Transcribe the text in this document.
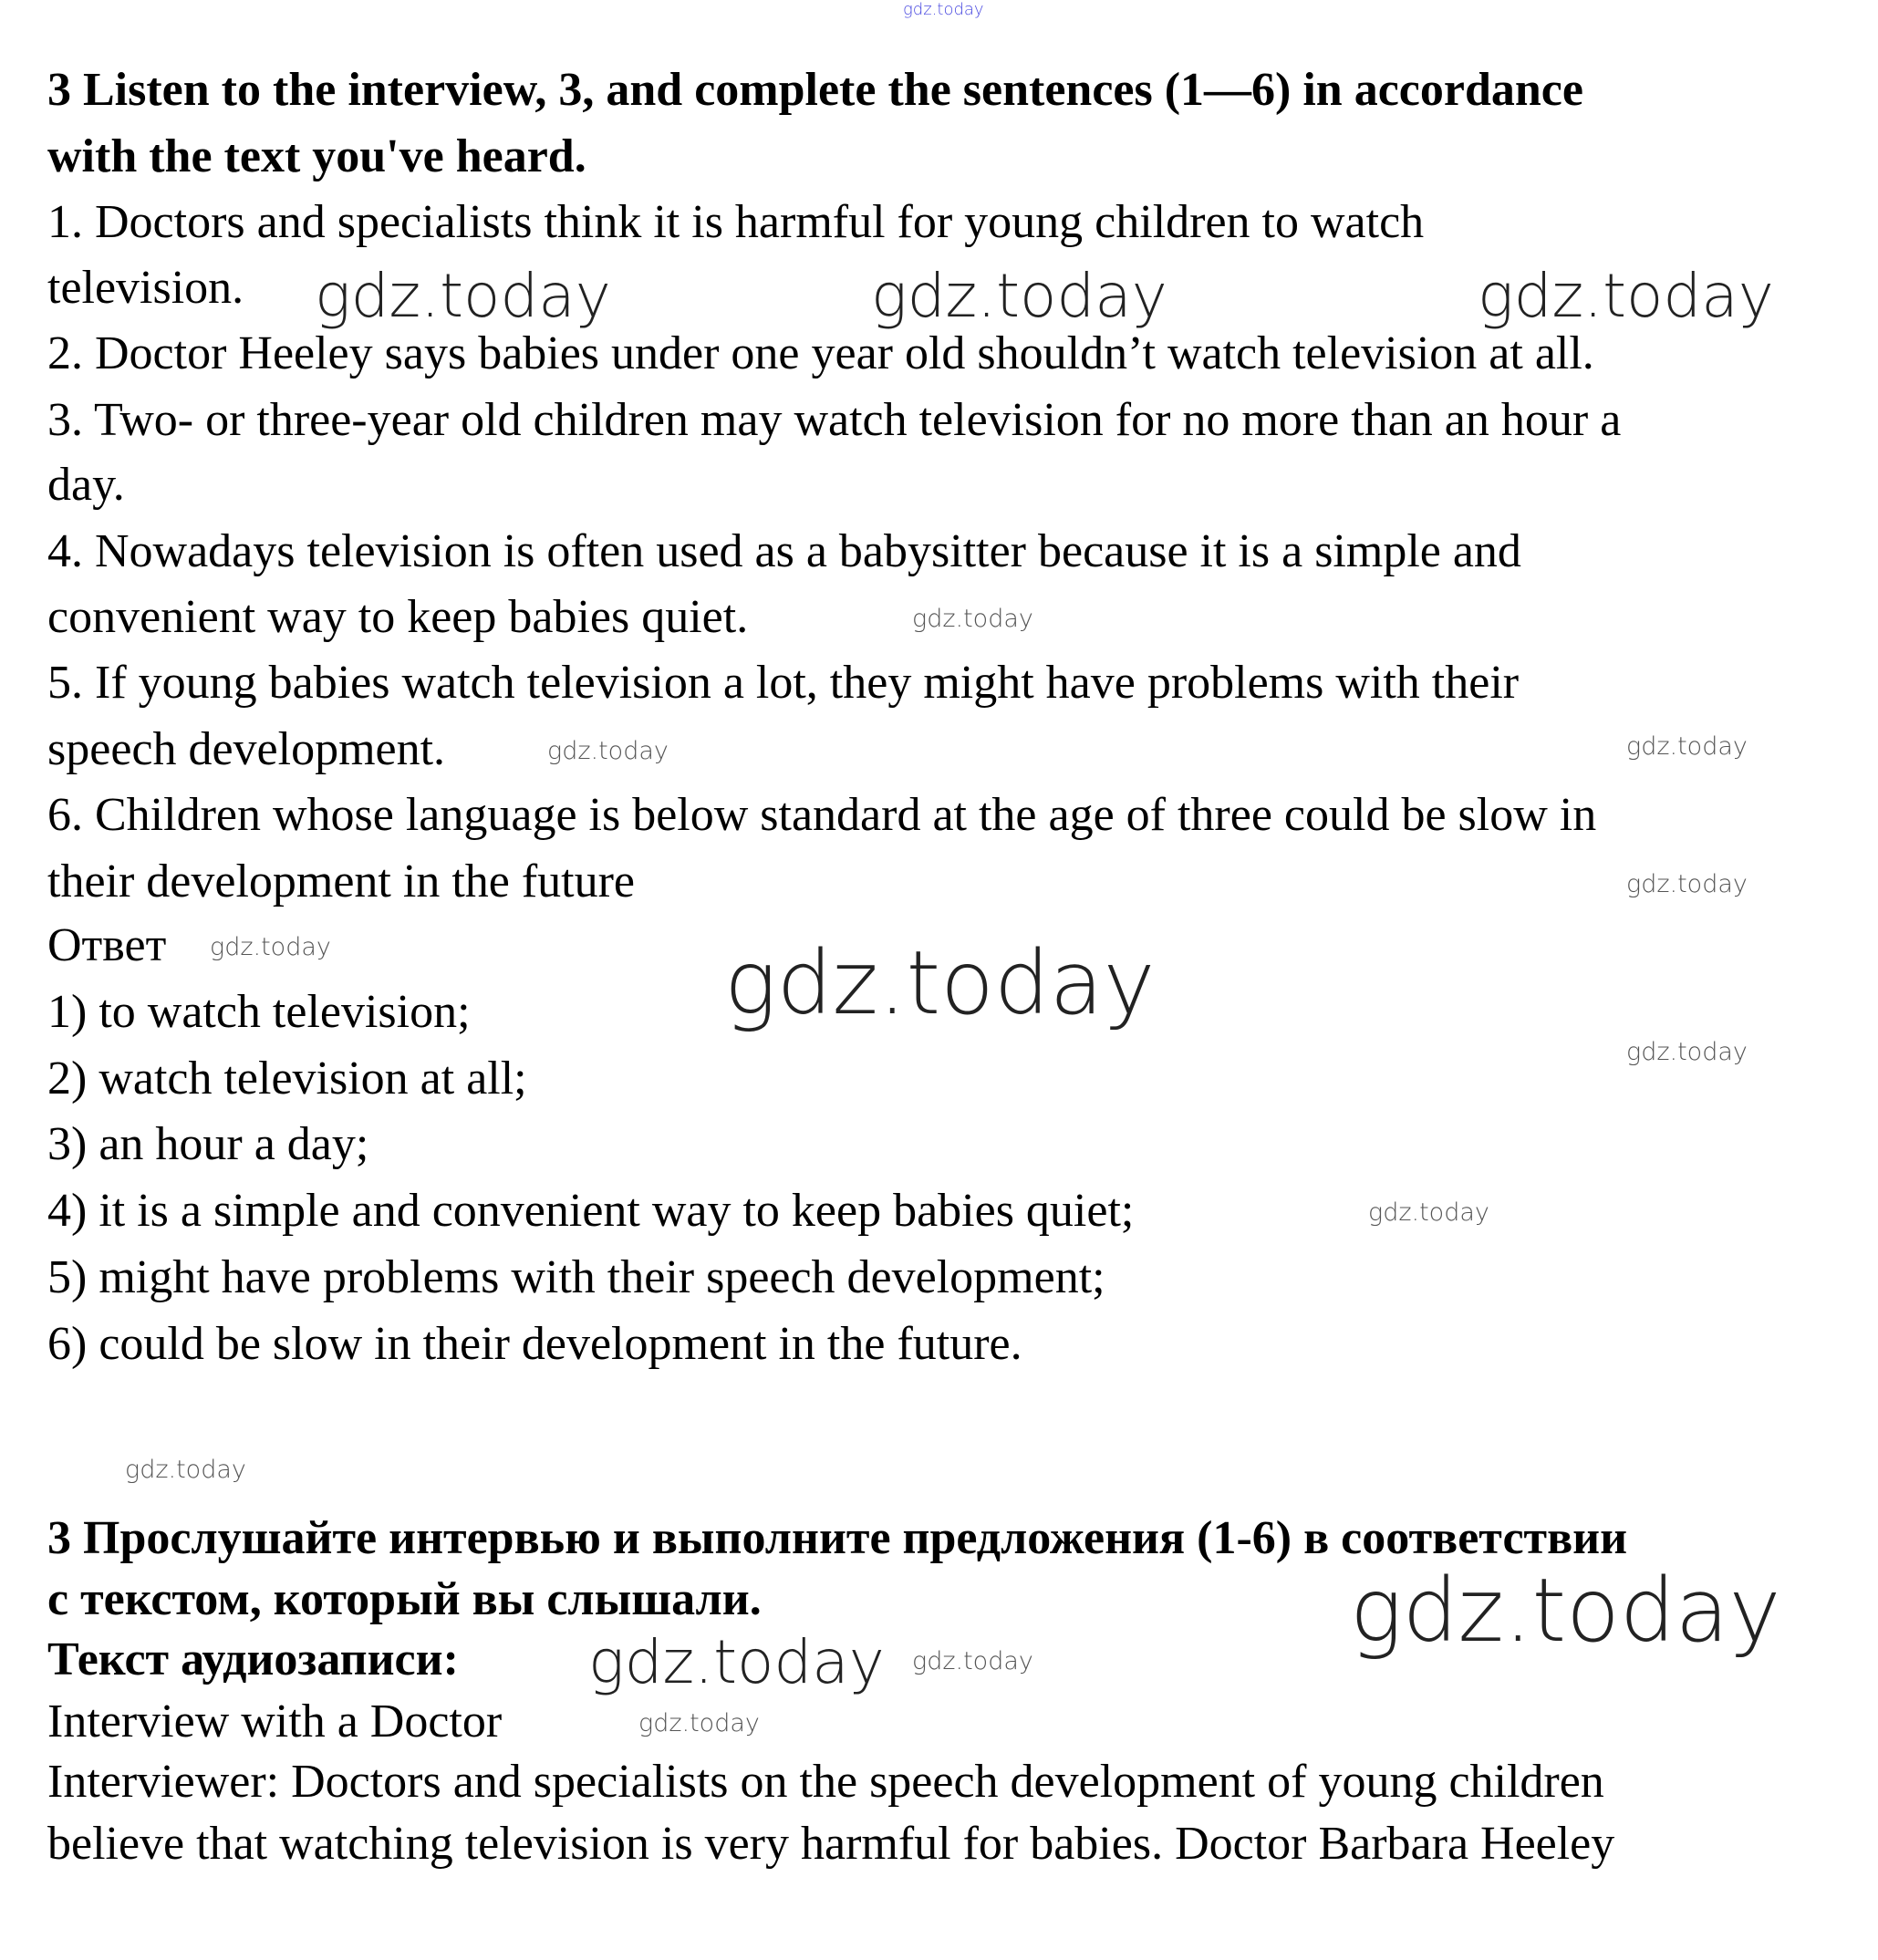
gdz.today
3 Listen to the interview, 3, and complete the sentences (1—6) in accordance
with the text you've heard.
1. Doctors and specialists think it is harmful for young children to watch
television.
2. Doctor Heeley says babies under one year old shouldn’t watch television at all.
3. Two- or three-year old children may watch television for no more than an hour a
day.
4. Nowadays television is often used as a babysitter because it is a simple and
convenient way to keep babies quiet.
5. If young babies watch television a lot, they might have problems with their
speech development.
6. Children whose language is below standard at the age of three could be slow in
their development in the future
Ответ
1) to watch television;
2) watch television at all;
3) an hour a day;
4) it is a simple and convenient way to keep babies quiet;
5) might have problems with their speech development;
6) could be slow in their development in the future.
3 Прослушайте интервью и выполните предложения (1-6) в соответствии
с текстом, который вы слышали.
Текст аудиозаписи:
Interview with a Doctor
Interviewer: Doctors and specialists on the speech development of young children
believe that watching television is very harmful for babies. Doctor Barbara Heeley
gdz.today	gdz.today	gdz.today
gdz.today
gdz.today
gdz.today
gdz.today
gdz.today	gdz.today
gdz.today
gdz.today
gdz.today
gdz.today
gdz.today
gdz.today
gdz.today
